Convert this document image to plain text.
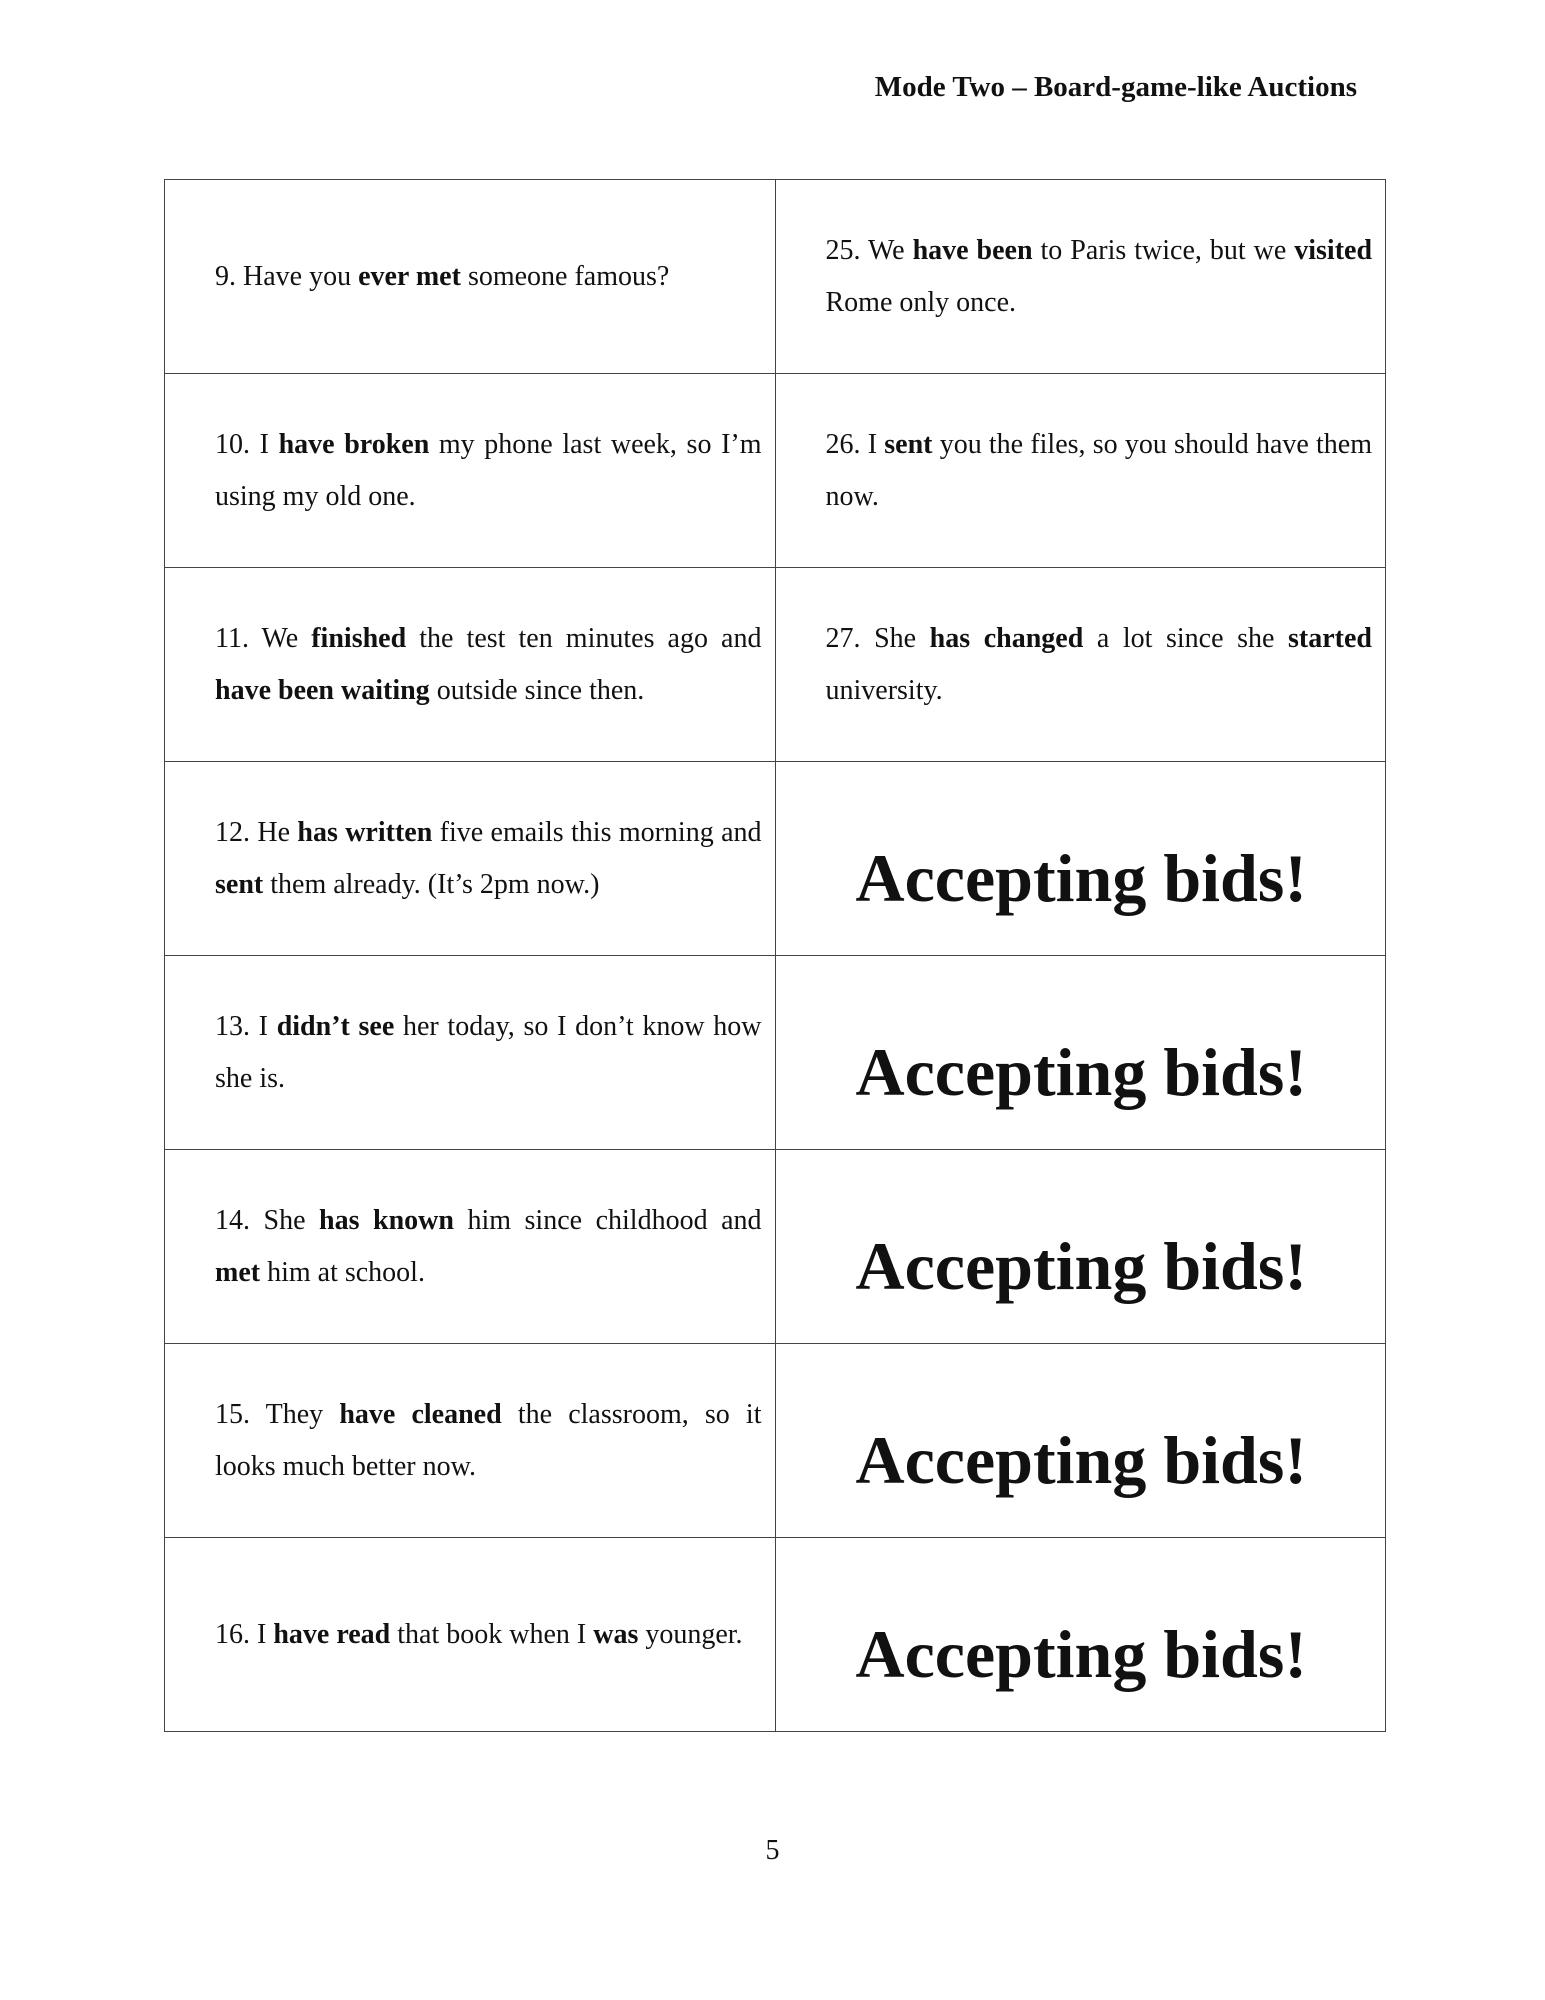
Mode Two – Board-game-like Auctions
9. Have you ever met someone famous?	25. We have been to Paris twice, but we visited Rome only once.

10. I have broken my phone last week, so I’m using my old one.	26. I sent you the files, so you should have them now.

11. We finished the test ten minutes ago and have been waiting outside since then.	27. She has changed a lot since she started university.

12. He has written five emails this morning and sent them already. (It’s 2pm now.)	Accepting bids!

13. I didn’t see her today, so I don’t know how she is.	Accepting bids!

14. She has known him since childhood and met him at school.	Accepting bids!

15. They have cleaned the classroom, so it looks much better now.	Accepting bids!

16. I have read that book when I was younger.	Accepting bids!
5
